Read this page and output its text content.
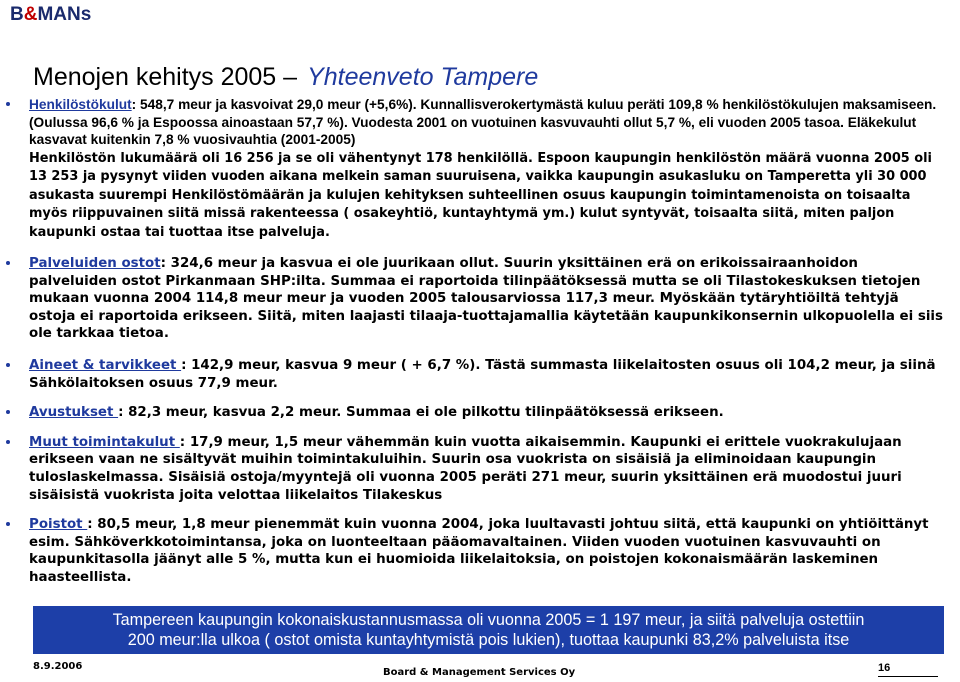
B&MANs
Menojen kehitys 2005 – Yhteenveto Tampere
Henkilöstökulut: 548,7 meur ja kasvoivat 29,0 meur (+5,6%). Kunnallisverokertymästä kuluu peräti 109,8 % henkilöstökulujen maksamiseen. (Oulussa 96,6 % ja Espoossa ainoastaan 57,7 %). Vuodesta 2001 on vuotuinen kasvuvauhti ollut 5,7 %, eli vuoden 2005 tasoa. Eläkekulut kasvavat kuitenkin 7,8 % vuosivauhtia (2001-2005)
Henkilöstön lukumäärä oli 16 256 ja se oli vähentynyt 178 henkilöllä. Espoon kaupungin henkilöstön määrä vuonna 2005 oli 13 253 ja pysynyt viiden vuoden aikana melkein saman suuruisena, vaikka kaupungin asukasluku on Tamperetta yli 30 000 asukasta suurempi Henkilöstömäärän ja kulujen kehityksen suhteellinen osuus kaupungin toimintamenoista on toisaalta myös riippuvainen siitä missä rakenteessa ( osakeyhtiö, kuntayhtymä ym.) kulut syntyvät, toisaalta siitä, miten paljon kaupunki ostaa tai tuottaa itse palveluja.
Palveluiden ostot: 324,6 meur ja kasvua ei ole juurikaan ollut. Suurin yksittäinen erä on erikoissairaanhoidon palveluiden ostot Pirkanmaan SHP:ilta. Summaa ei raportoida tilinpäätöksessä mutta se oli Tilastokeskuksen tietojen mukaan vuonna 2004 114,8 meur meur ja vuoden 2005 talousarviossa 117,3 meur. Myöskään tytäryhtiöiltä tehtyjä ostoja ei raportoida erikseen. Siitä, miten laajasti tilaaja-tuottajamallia käytetään kaupunkikonsernin ulkopuolella ei siis ole tarkkaa tietoa.
Aineet & tarvikkeet : 142,9 meur, kasvua 9 meur ( + 6,7 %). Tästä summasta liikelaitosten osuus oli 104,2 meur, ja siinä Sähkölaitoksen osuus 77,9 meur.
Avustukset : 82,3 meur, kasvua 2,2 meur. Summaa ei ole pilkottu tilinpäätöksessä erikseen.
Muut toimintakulut : 17,9 meur, 1,5 meur vähemmän kuin vuotta aikaisemmin. Kaupunki ei erittele vuokrakulujaan erikseen vaan ne sisältyvät muihin toimintakuluihin. Suurin osa vuokrista on sisäisiä ja eliminoidaan kaupungin tuloslaskelmassa. Sisäisiä ostoja/myyntejä oli vuonna 2005 peräti 271 meur, suurin yksittäinen erä muodostui juuri sisäisistä vuokrista joita velottaa liikelaitos Tilakeskus
Poistot : 80,5 meur, 1,8 meur pienemmät kuin vuonna 2004, joka luultavasti johtuu siitä, että kaupunki on yhtiöittänyt esim. Sähköverkkotoimintansa, joka on luonteeltaan pääomavaltainen. Viiden vuoden vuotuinen kasvuvauhti on kaupunkitasolla jäänyt alle 5 %, mutta kun ei huomioida liikelaitoksia, on poistojen kokonaismäärän laskeminen haasteellista.
Tampereen kaupungin kokonaiskustannusmassa oli vuonna 2005 = 1 197 meur, ja siitä palveluja ostettiin
200 meur:lla ulkoa ( ostot omista kuntayhtymistä pois lukien), tuottaa kaupunki 83,2% palveluista itse
8.9.2006
Board & Management Services Oy	16
